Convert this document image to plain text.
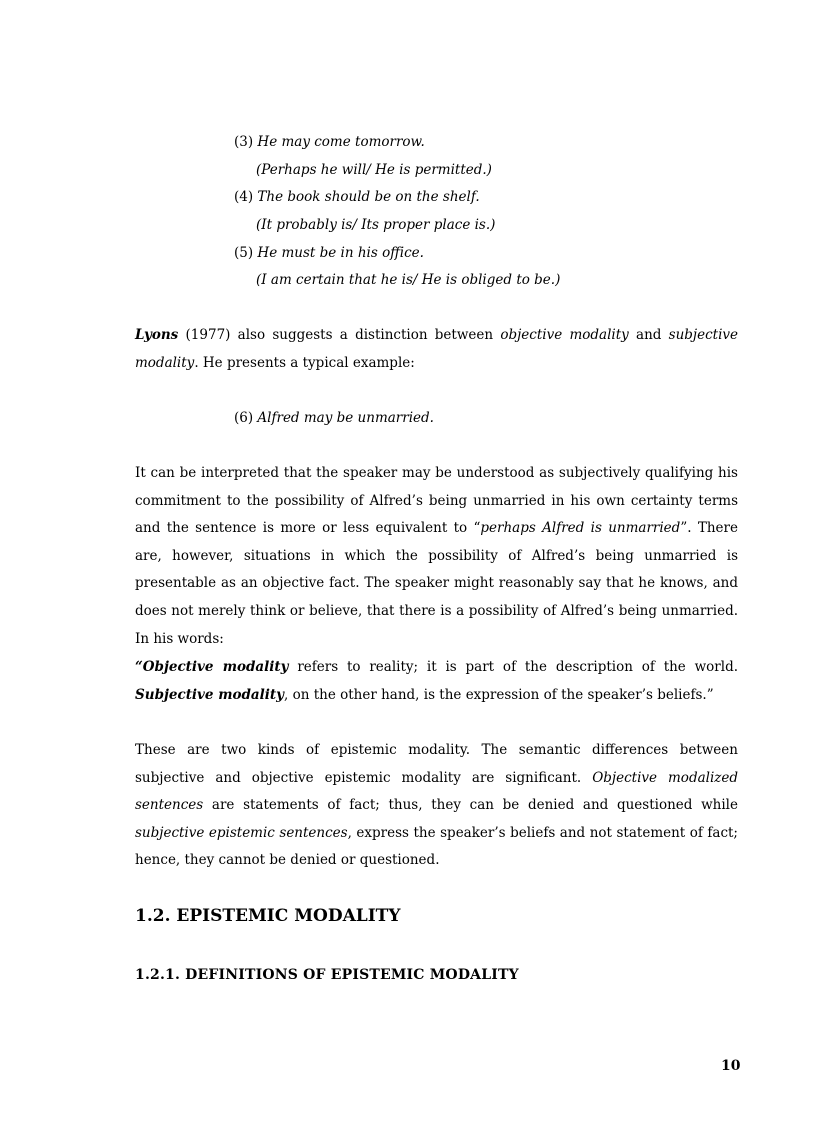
(3) He may come tomorrow.
(Perhaps he will/ He is permitted.)
(4) The book should be on the shelf.
(It probably is/ Its proper place is.)
(5) He must be in his office.
(I am certain that he is/ He is obliged to be.)
Lyons (1977) also suggests a distinction between objective modality and subjective modality. He presents a typical example:
(6) Alfred may be unmarried.
It can be interpreted that the speaker may be understood as subjectively qualifying his commitment to the possibility of Alfred’s being unmarried in his own certainty terms and the sentence is more or less equivalent to “perhaps Alfred is unmarried”. There are, however, situations in which the possibility of Alfred’s being unmarried is presentable as an objective fact. The speaker might reasonably say that he knows, and does not merely think or believe, that there is a possibility of Alfred’s being unmarried. In his words:
“Objective modality refers to reality; it is part of the description of the world. Subjective modality, on the other hand, is the expression of the speaker’s beliefs.”
These are two kinds of epistemic modality. The semantic differences between subjective and objective epistemic modality are significant. Objective modalized sentences are statements of fact; thus, they can be denied and questioned while subjective epistemic sentences, express the speaker’s beliefs and not statement of fact; hence, they cannot be denied or questioned.
1.2. EPISTEMIC MODALITY
1.2.1. DEFINITIONS OF EPISTEMIC MODALITY
10
